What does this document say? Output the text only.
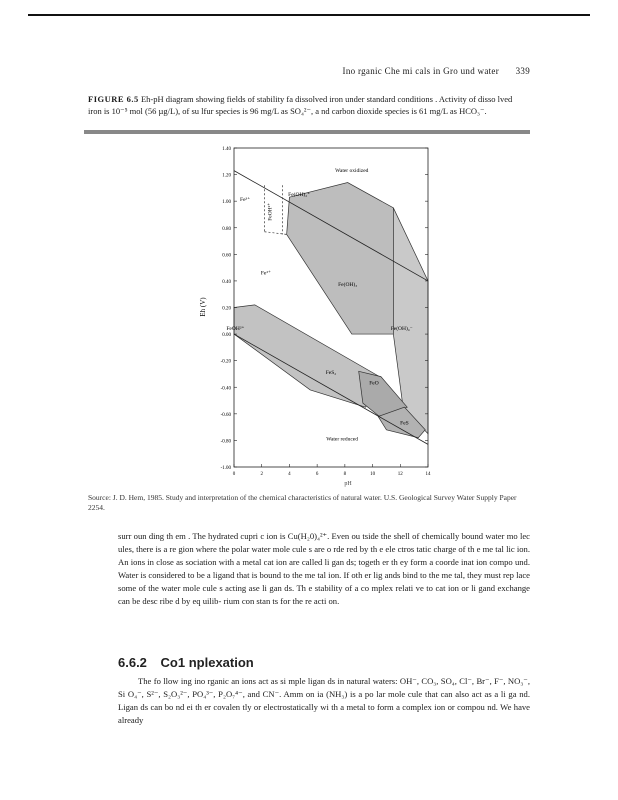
Ino rganic Che mi cals in Gro und water 339
FIGURE 6.5 Eh-pH diagram showing fields of stability fa dissolved iron under standard conditions . Activity of disso lved iron is 10⁻⁵ mol (56 µg/L), of su lfur species is 96 mg/L as SO₄²⁻, a nd carbon dioxide species is 61 mg/L as HCO₃⁻.
1.40
1.20
1.00
0.80
0.60
0.40
0.20
0.00
-0.20
-0.40
-0.60
-0.80
-1.00
0	2	4	6	8	10	12	14
Water oxidized
Fe³⁺
FeOH²⁺
Fe(OH)₂⁺
Fe²⁺
Fe(OH)₃
FeOH²⁺	Fe(OH)₄⁻
FeS₂
FeO
FeS
Water reduced
Eh (V)
pH
Source: J. D. Hem, 1985. Study and interpretation of the chemical characteristics of natural water. U.S. Geological Survey Water Supply Paper 2254.
surr oun ding th em . The hydrated cupri c ion is Cu(H₂0)₄²⁺. Even ou tside the shell of chemically bound water mo lec ules, there is a re gion where the polar water mole cule s are o rde red by th e ele ctros tatic charge of th e me tal lic ion. An ions in close as sociation with a metal cat ion are called li gan ds; togeth er th ey form a coorde inat ion compo und. Water is considered to be a ligand that is bound to the me tal ion. If oth er lig ands bind to the me tal, they must rep lace some of the water mole cule s acting ase li gan ds. Th e stability of a co mplex relati ve to cat ion or li gand exchange can be desc ribe d by eq uilib- rium con stan ts for the re acti on.
6.6.2 Co1 nplexation
The fo llow ing ino rganic an ions act as si mple ligan ds in natural waters: OH⁻, CO₃, SO₄, Cl⁻, Br⁻, F⁻, NO₃⁻, Si O₄⁻, S²⁻, S₂O₃²⁻, PO₄³⁻, P₂O₇⁴⁻, and CN⁻. Amm on ia (NH₃) is a po lar mole cule that can also act as a li ga nd. Ligan ds can bo nd ei th er covalen tly or electrostatically wi th a metal to form a complex ion or compou nd. We have already
